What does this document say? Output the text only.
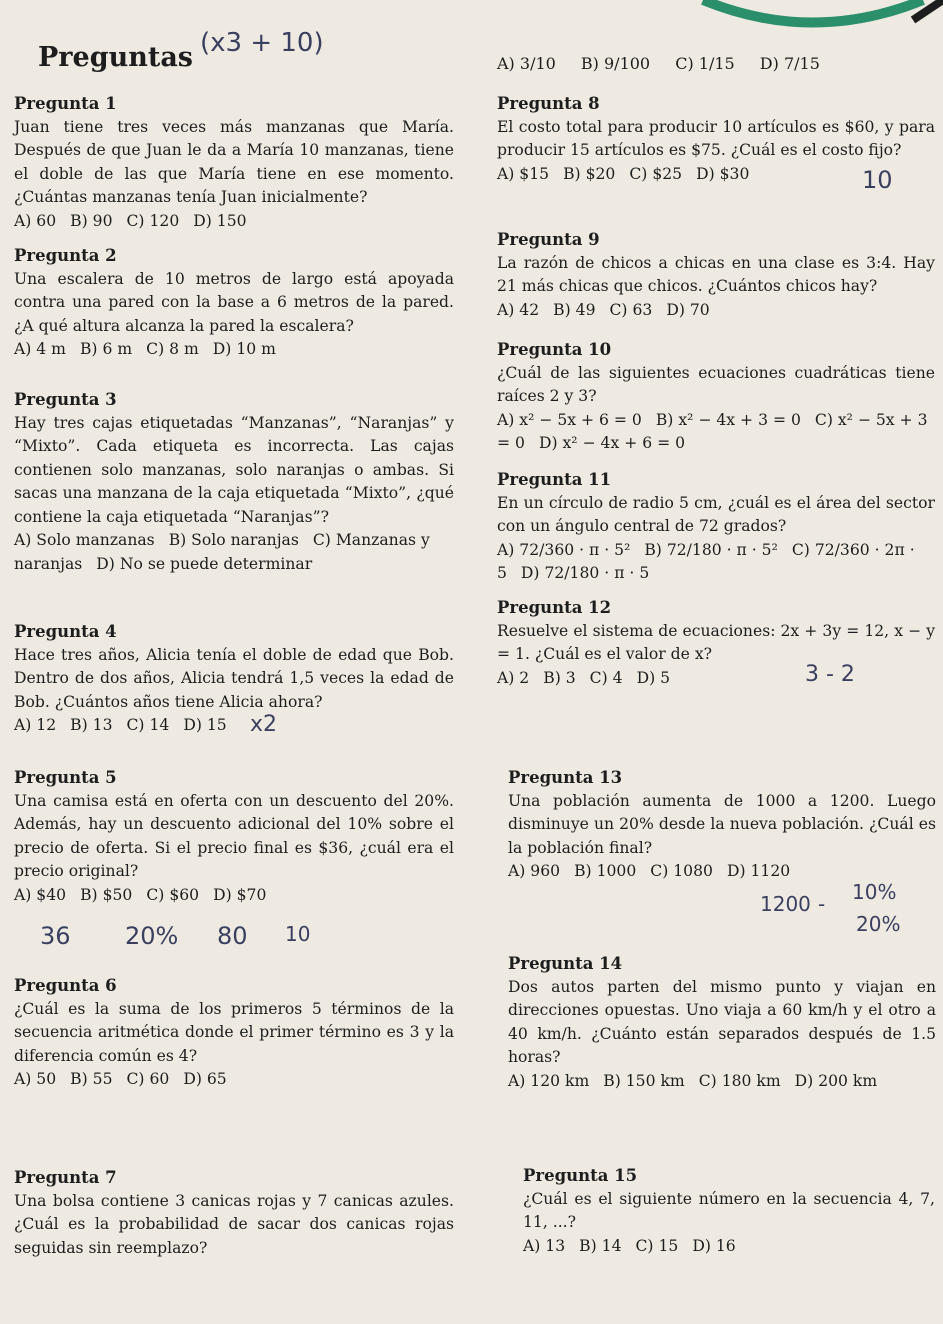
Preguntas (x3 + 10)
A) 3/10 B) 9/100 C) 1/15 D) 7/15
Pregunta 1

Juan tiene tres veces más manzanas que María. Después de que Juan le da a María 10 manzanas, tiene el doble de las que María tiene en ese momento. ¿Cuántas manzanas tenía Juan inicialmente?

A) 60 B) 90 C) 120 D) 150
Pregunta 2

Una escalera de 10 metros de largo está apoyada contra una pared con la base a 6 metros de la pared. ¿A qué altura alcanza la pared la escalera?

A) 4 m B) 6 m C) 8 m D) 10 m
Pregunta 3

Hay tres cajas etiquetadas “Manzanas”, “Naranjas” y “Mixto”. Cada etiqueta es incorrecta. Las cajas contienen solo manzanas, solo naranjas o ambas. Si sacas una manzana de la caja etiquetada “Mixto”, ¿qué contiene la caja etiquetada “Naranjas”?

A) Solo manzanas B) Solo naranjas C) Manzanas y naranjas D) No se puede determinar
Pregunta 4

Hace tres años, Alicia tenía el doble de edad que Bob. Dentro de dos años, Alicia tendrá 1,5 veces la edad de Bob. ¿Cuántos años tiene Alicia ahora?

A) 12 B) 13 C) 14 D) 15	x2
Pregunta 5

Una camisa está en oferta con un descuento del 20%. Además, hay un descuento adicional del 10% sobre el precio de oferta. Si el precio final es $36, ¿cuál era el precio original?

A) $40 B) $50 C) $60 D) $70
36 20% 80 10
Pregunta 6

¿Cuál es la suma de los primeros 5 términos de la secuencia aritmética donde el primer término es 3 y la diferencia común es 4?

A) 50 B) 55 C) 60 D) 65
Pregunta 7

Una bolsa contiene 3 canicas rojas y 7 canicas azules. ¿Cuál es la probabilidad de sacar dos canicas rojas seguidas sin reemplazo?

Pregunta 8

El costo total para producir 10 artículos es $60, y para producir 15 artículos es $75. ¿Cuál es el costo fijo?

A) $15 B) $20 C) $25 D) $30	10
Pregunta 9

La razón de chicos a chicas en una clase es 3:4. Hay 21 más chicas que chicos. ¿Cuántos chicos hay?

A) 42 B) 49 C) 63 D) 70
Pregunta 10

¿Cuál de las siguientes ecuaciones cuadráticas tiene raíces 2 y 3?

A) x² − 5x + 6 = 0 B) x² − 4x + 3 = 0 C) x² − 5x + 3 = 0 D) x² − 4x + 6 = 0
Pregunta 11

En un círculo de radio 5 cm, ¿cuál es el área del sector con un ángulo central de 72 grados?

A) 72/360 · π · 5² B) 72/180 · π · 5² C) 72/360 · 2π · 5 D) 72/180 · π · 5
Pregunta 12

Resuelve el sistema de ecuaciones: 2x + 3y = 12, x − y = 1. ¿Cuál es el valor de x?

A) 2 B) 3 C) 4 D) 5	3 - 2
Pregunta 13

Una población aumenta de 1000 a 1200. Luego disminuye un 20% desde la nueva población. ¿Cuál es la población final?

A) 960 B) 1000 C) 1080 D) 1120
1200 - 10%
20%
Pregunta 14

Dos autos parten del mismo punto y viajan en direcciones opuestas. Uno viaja a 60 km/h y el otro a 40 km/h. ¿Cuánto están separados después de 1.5 horas?

A) 120 km B) 150 km C) 180 km D) 200 km
Pregunta 15

¿Cuál es el siguiente número en la secuencia 4, 7, 11, ...?

A) 13 B) 14 C) 15 D) 16
